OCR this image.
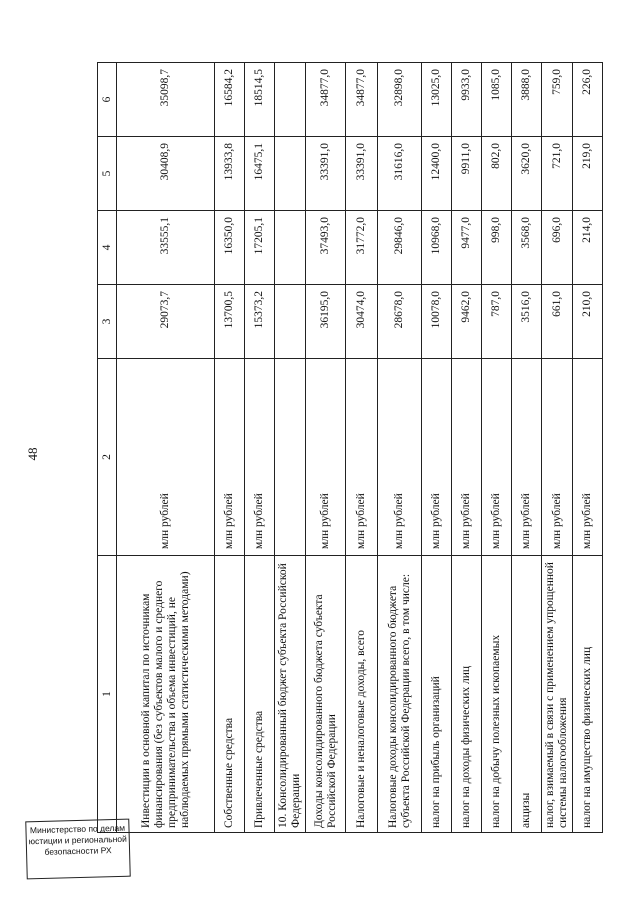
48
1	2	3	4	5	6
Инвестиции в основной капитал по источникам финансирования (без субъектов малого и среднего предпринимательства и объема инвестиций, не наблюдаемых прямыми статистическими методами)	млн рублей	29073,7	33555,1	30408,9	35098,7
Собственные средства	млн рублей	13700,5	16350,0	13933,8	16584,2
Привлеченные средства	млн рублей	15373,2	17205,1	16475,1	18514,5
10. Консолидированный бюджет субъекта Российской Федерации					
Доходы консолидированного бюджета субъекта Российской Федерации	млн рублей	36195,0	37493,0	33391,0	34877,0
Налоговые и неналоговые доходы, всего	млн рублей	30474,0	31772,0	33391,0	34877,0
Налоговые доходы консолидированного бюджета субъекта Российской Федерации всего, в том числе:	млн рублей	28678,0	29846,0	31616,0	32898,0
налог на прибыль организаций	млн рублей	10078,0	10968,0	12400,0	13025,0
налог на доходы физических лиц	млн рублей	9462,0	9477,0	9911,0	9933,0
налог на добычу полезных ископаемых	млн рублей	787,0	998,0	802,0	1085,0
акцизы	млн рублей	3516,0	3568,0	3620,0	3888,0
налог, взимаемый в связи с применением упрощенной системы налогообложения	млн рублей	661,0	696,0	721,0	759,0
налог на имущество физических лиц	млн рублей	210,0	214,0	219,0	226,0
Министерство по делам
юстиции и региональной
безопасности РХ
